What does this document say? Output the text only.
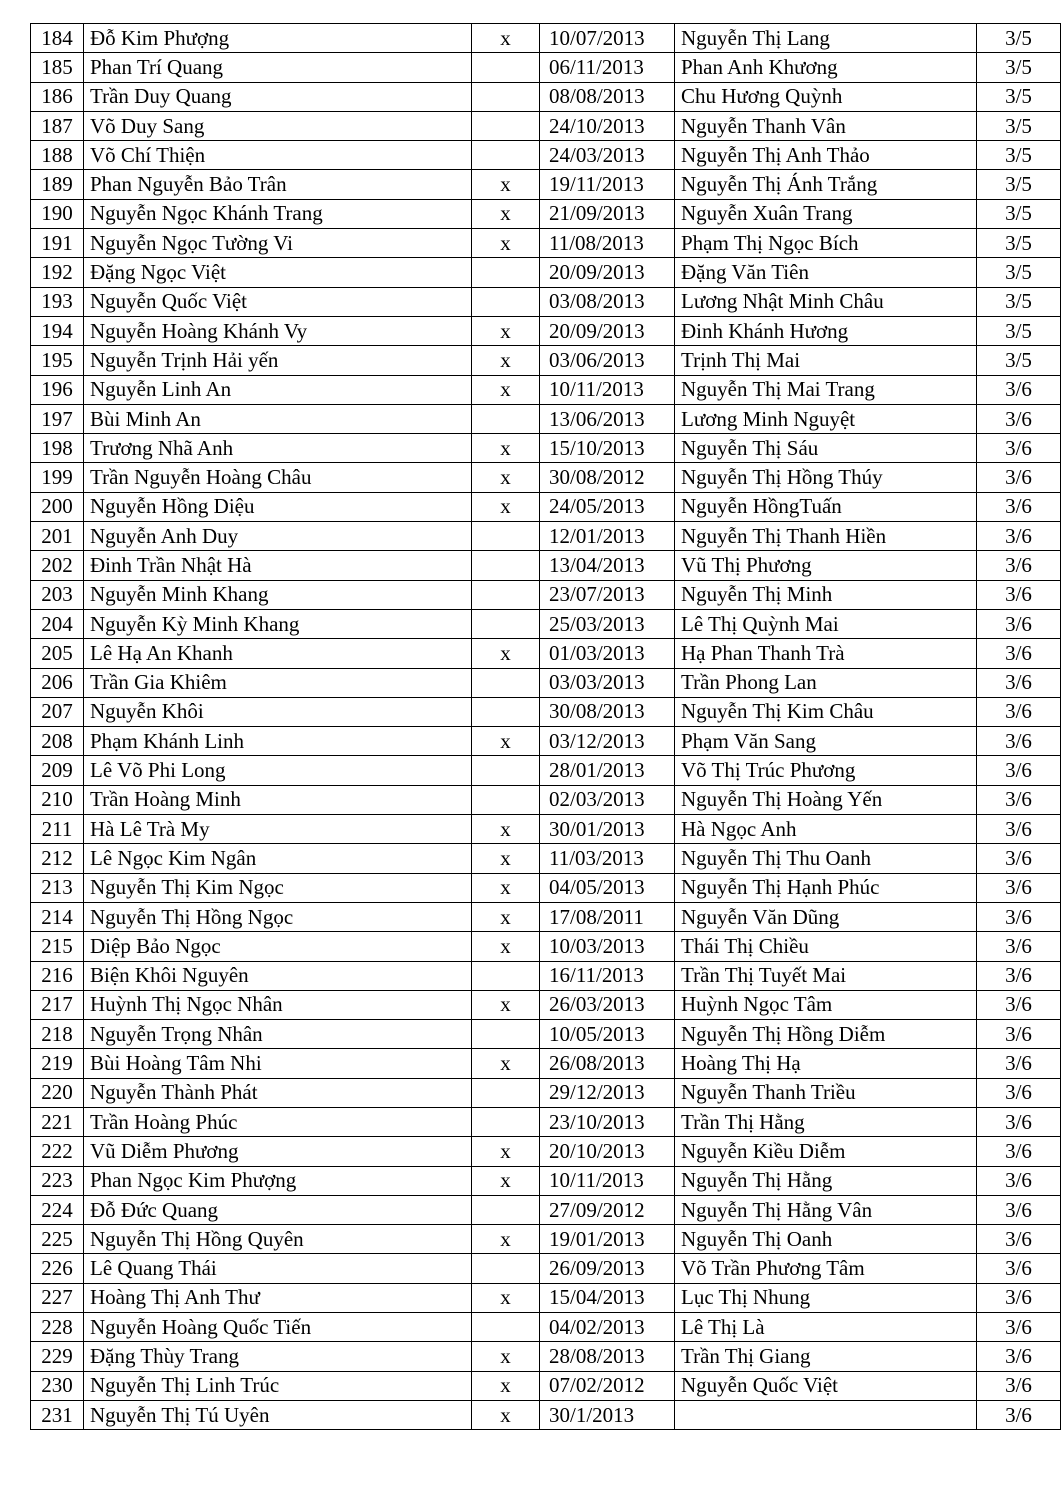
184	Đỗ Kim Phượng	x	10/07/2013	Nguyễn Thị Lang	3/5
185	Phan Trí Quang		06/11/2013	Phan Anh Khương	3/5
186	Trần Duy Quang		08/08/2013	Chu Hương Quỳnh	3/5
187	Võ Duy Sang		24/10/2013	Nguyễn Thanh Vân	3/5
188	Võ Chí Thiện		24/03/2013	Nguyễn Thị Anh Thảo	3/5
189	Phan Nguyễn Bảo Trân	x	19/11/2013	Nguyễn Thị Ánh Trắng	3/5
190	Nguyễn Ngọc Khánh Trang	x	21/09/2013	Nguyễn Xuân Trang	3/5
191	Nguyễn Ngọc Tường Vi	x	11/08/2013	Phạm Thị Ngọc Bích	3/5
192	Đặng Ngọc Việt		20/09/2013	Đặng Văn Tiên	3/5
193	Nguyễn Quốc Việt		03/08/2013	Lương Nhật Minh Châu	3/5
194	Nguyễn Hoàng Khánh Vy	x	20/09/2013	Đinh Khánh Hương	3/5
195	Nguyễn Trịnh Hải yến	x	03/06/2013	Trịnh Thị Mai	3/5
196	Nguyễn Linh An	x	10/11/2013	Nguyễn Thị Mai Trang	3/6
197	Bùi Minh An		13/06/2013	Lương Minh Nguyệt	3/6
198	Trương Nhã Anh	x	15/10/2013	Nguyễn Thị Sáu	3/6
199	Trần Nguyễn Hoàng Châu	x	30/08/2012	Nguyễn Thị Hồng Thúy	3/6
200	Nguyễn Hồng Diệu	x	24/05/2013	Nguyễn HồngTuấn	3/6
201	Nguyễn Anh Duy		12/01/2013	Nguyễn Thị Thanh Hiền	3/6
202	Đinh Trần Nhật Hà		13/04/2013	Vũ Thị Phương	3/6
203	Nguyễn Minh Khang		23/07/2013	Nguyễn Thị Minh	3/6
204	Nguyễn Kỳ Minh Khang		25/03/2013	Lê Thị Quỳnh Mai	3/6
205	Lê Hạ An Khanh	x	01/03/2013	Hạ Phan Thanh Trà	3/6
206	Trần Gia Khiêm		03/03/2013	Trần Phong Lan	3/6
207	Nguyễn Khôi		30/08/2013	Nguyễn Thị Kim Châu	3/6
208	Phạm Khánh Linh	x	03/12/2013	Phạm Văn Sang	3/6
209	Lê Võ Phi Long		28/01/2013	Võ Thị Trúc Phương	3/6
210	Trần Hoàng Minh		02/03/2013	Nguyễn Thị Hoàng Yến	3/6
211	Hà Lê Trà My	x	30/01/2013	Hà Ngọc Anh	3/6
212	Lê Ngọc Kim Ngân	x	11/03/2013	Nguyễn Thị Thu Oanh	3/6
213	Nguyễn Thị Kim Ngọc	x	04/05/2013	Nguyễn Thị Hạnh Phúc	3/6
214	Nguyễn Thị Hồng Ngọc	x	17/08/2011	Nguyễn Văn Dũng	3/6
215	Diệp Bảo Ngọc	x	10/03/2013	Thái Thị Chiều	3/6
216	Biện Khôi Nguyên		16/11/2013	Trần Thị Tuyết Mai	3/6
217	Huỳnh Thị Ngọc Nhân	x	26/03/2013	Huỳnh Ngọc Tâm	3/6
218	Nguyễn Trọng Nhân		10/05/2013	Nguyễn Thị Hồng Diễm	3/6
219	Bùi Hoàng Tâm Nhi	x	26/08/2013	Hoàng Thị Hạ	3/6
220	Nguyễn Thành Phát		29/12/2013	Nguyễn Thanh Triều	3/6
221	Trần Hoàng Phúc		23/10/2013	Trần Thị Hằng	3/6
222	Vũ Diễm Phương	x	20/10/2013	Nguyễn Kiều Diễm	3/6
223	Phan Ngọc Kim Phượng	x	10/11/2013	Nguyễn Thị Hằng	3/6
224	Đỗ Đức Quang		27/09/2012	Nguyễn Thị Hằng Vân	3/6
225	Nguyễn Thị Hồng Quyên	x	19/01/2013	Nguyễn Thị Oanh	3/6
226	Lê Quang Thái		26/09/2013	Võ Trần Phương Tâm	3/6
227	Hoàng Thị Anh Thư	x	15/04/2013	Lục Thị Nhung	3/6
228	Nguyễn Hoàng Quốc Tiến		04/02/2013	Lê Thị Là	3/6
229	Đặng Thùy Trang	x	28/08/2013	Trần Thị Giang	3/6
230	Nguyễn Thị Linh Trúc	x	07/02/2012	Nguyễn Quốc Việt	3/6
231	Nguyễn Thị Tú Uyên	x	30/1/2013		3/6
